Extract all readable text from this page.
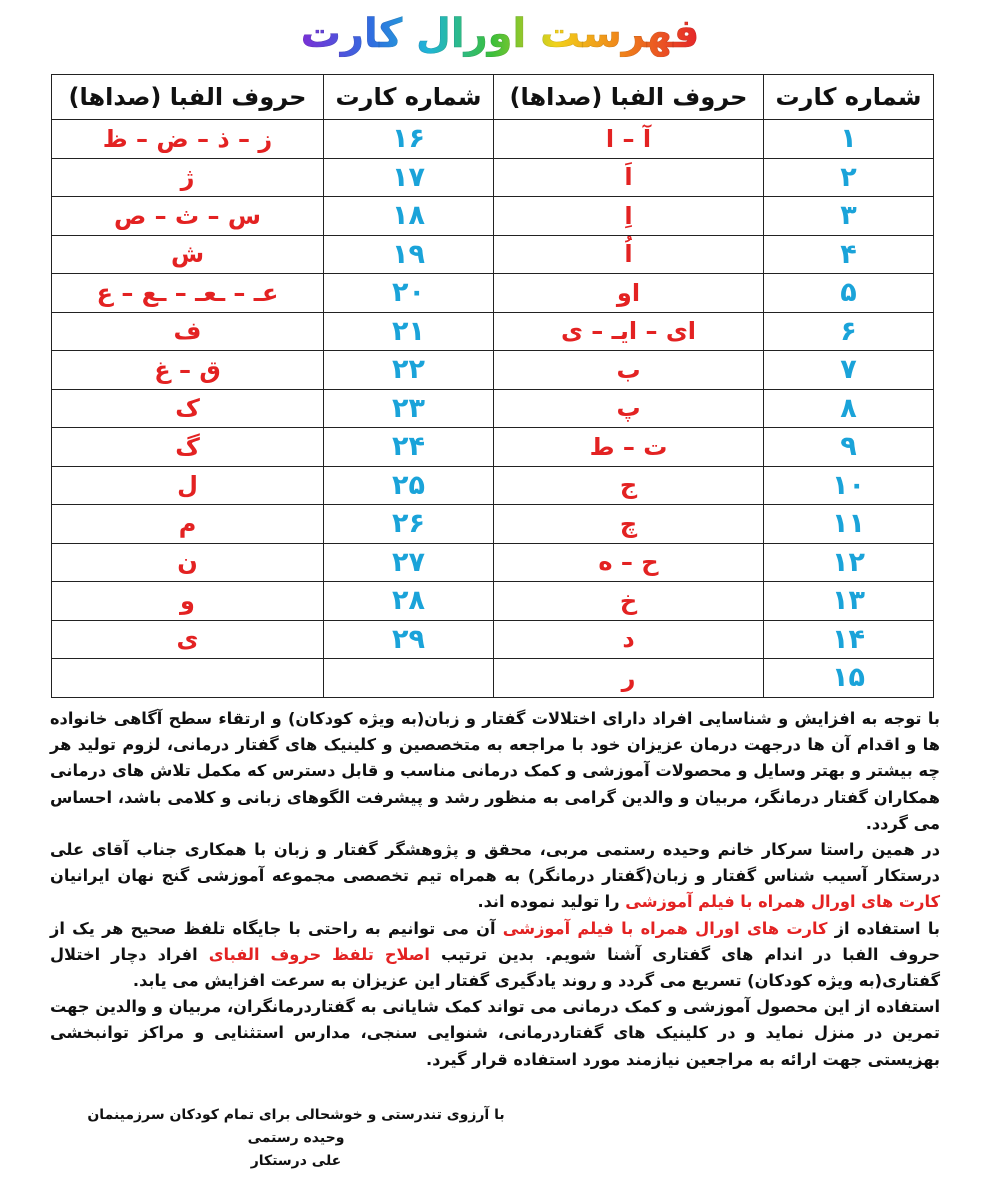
فهرست اورال کارت
شماره کارت	حروف الفبا (صداها)	شماره کارت	حروف الفبا (صداها)
۱	آ – ا	۱۶	ز – ذ – ض – ظ
۲	اَ	۱۷	ژ
۳	اِ	۱۸	س – ث – ص
۴	اُ	۱۹	ش
۵	او	۲۰	عـ – ـعـ – ـع – ع
۶	ای – ایـ – ی	۲۱	ف
۷	ب	۲۲	ق – غ
۸	پ	۲۳	ک
۹	ت – ط	۲۴	گ
۱۰	ج	۲۵	ل
۱۱	چ	۲۶	م
۱۲	ح – ه	۲۷	ن
۱۳	خ	۲۸	و
۱۴	د	۲۹	ی
۱۵	ر		

با توجه به افزایش و شناسایی افراد دارای اختلالات گفتار و زبان(به ویژه کودکان) و ارتقاء سطح آگاهی خانواده ها و اقدام آن ها درجهت درمان عزیزان خود با مراجعه به متخصصین و کلینیک های گفتار درمانی، لزوم تولید هر چه بیشتر و بهتر وسایل و محصولات آموزشی و کمک درمانی مناسب و قابل دسترس که مکمل تلاش های درمانی همکاران گفتار درمانگر، مربیان و والدین گرامی به منظور رشد و پیشرفت الگوهای زبانی و کلامی باشد، احساس می گردد.

در همین راستا سرکار خانم وحیده رستمی مربی، محقق و پژوهشگر گفتار و زبان با همکاری جناب آقای علی درستکار آسیب شناس گفتار و زبان(گفتار درمانگر) به همراه تیم تخصصی مجموعه آموزشی گنج نهان ایرانیان کارت های اورال همراه با فیلم آموزشی را تولید نموده اند.

با استفاده از کارت های اورال همراه با فیلم آموزشی آن می توانیم به راحتی با جایگاه تلفظ صحیح هر یک از حروف الفبا در اندام های گفتاری آشنا شویم. بدین ترتیب اصلاح تلفظ حروف الفبای افراد دچار اختلال گفتاری(به ویژه کودکان) تسریع می گردد و روند یادگیری گفتار این عزیزان به سرعت افزایش می یابد.

استفاده از این محصول آموزشی و کمک درمانی می تواند کمک شایانی به گفتاردرمانگران، مربیان و والدین جهت تمرین در منزل نماید و در کلینیک های گفتاردرمانی، شنوایی سنجی، مدارس استثنایی و مراکز توانبخشی بهزیستی جهت ارائه به مراجعین نیازمند مورد استفاده قرار گیرد.

با آرزوی تندرستی و خوشحالی برای تمام کودکان سرزمینمان
وحیده رستمی
علی درستکار
